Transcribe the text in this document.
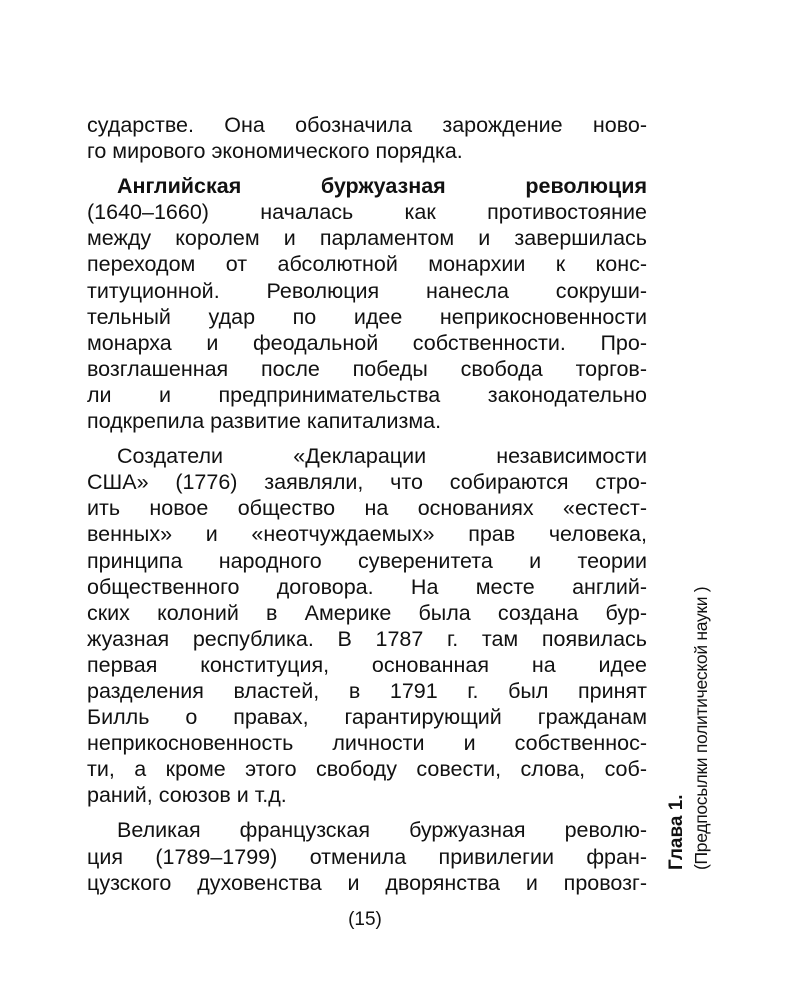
сударстве. Она обозначила зарождение ново-
го мирового экономического порядка.
Английская буржуазная революция
(1640–1660) началась как противостояние
между королем и парламентом и завершилась
переходом от абсолютной монархии к конс-
титуционной. Революция нанесла сокруши-
тельный удар по идее неприкосновенности
монарха и феодальной собственности. Про-
возглашенная после победы свобода торгов-
ли и предпринимательства законодательно
подкрепила развитие капитализма.
Создатели «Декларации независимости
США» (1776) заявляли, что собираются стро-
ить новое общество на основаниях «естест-
венных» и «неотчуждаемых» прав человека,
принципа народного суверенитета и теории
общественного договора. На месте англий-
ских колоний в Америке была создана бур-
жуазная республика. В 1787 г. там появилась
первая конституция, основанная на идее
разделения властей, в 1791 г. был принят
Билль о правах, гарантирующий гражданам
неприкосновенность личности и собственнос-
ти, а кроме этого свободу совести, слова, соб-
раний, союзов и т.д.
Великая французская буржуазная револю-
ция (1789–1799) отменила привилегии фран-
цузского духовенства и дворянства и провозг-
(15)
Глава 1. (Предпосылки политической науки )
